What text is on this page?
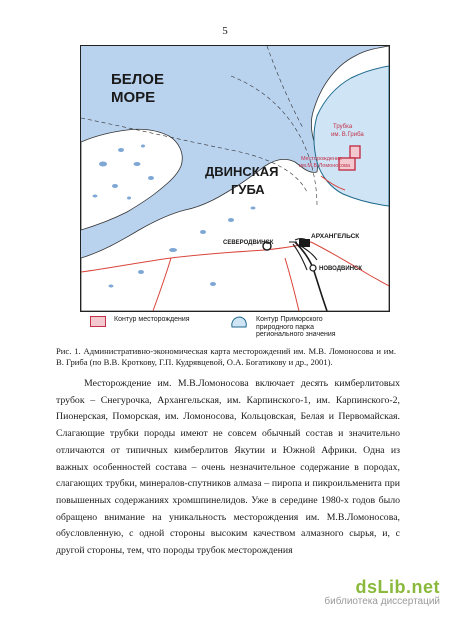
5
БЕЛОЕ
МОРЕ
ДВИНСКАЯ
ГУБА
СЕВЕРОДВИНСК
АРХАНГЕЛЬСК
НОВОДВИНСК
Трубка
им. В.Гриба
Месторождение
им.М.В.Ломоносова
Контур месторождения	Контур Приморского
природного парка
регионального значения
Рис. 1. Административно-экономическая карта месторождений им. М.В. Ломоносова и им. В. Гриба (по В.В. Кроткову, Г.П. Кудрявцевой, О.А. Богатикову и др., 2001).

Месторождение им. М.В.Ломоносова включает десять кимберлитовых трубок – Снегурочка, Архангельская, им. Карпинского-1, им. Карпинского-2, Пионерская, Поморская, им. Ломоносова, Кольцовская, Белая и Первомайская. Слагающие трубки породы имеют не совсем обычный состав и значительно отличаются от типичных кимберлитов Якутии и Южной Африки. Одна из важных особенностей состава – очень незначительное содержание в породах, слагающих трубки, минералов-спутников алмаза – пиропа и пикроильменита при повышенных содержаниях хромшпинелидов. Уже в середине 1980-х годов было обращено внимание на уникальность месторождения им. М.В.Ломоносова, обусловленную, с одной стороны высоким качеством алмазного сырья, и, с другой стороны, тем, что породы трубок месторождения

dsLib.net
библиотека диссертаций
